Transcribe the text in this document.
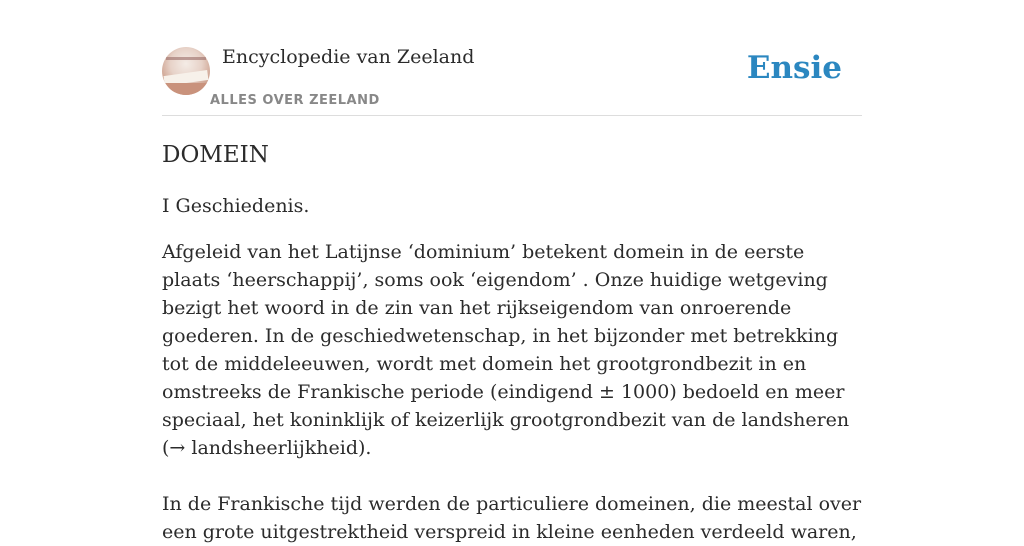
Encyclopedie van Zeeland
ALLES OVER ZEELAND
Ensie
DOMEIN

I Geschiedenis.

Afgeleid van het Latijnse ‘dominium’ betekent domein in de eerste plaats ‘heerschappij’, soms ook ‘eigendom’ . Onze huidige wetgeving bezigt het woord in de zin van het rijkseigendom van onroerende goederen. In de geschiedwetenschap, in het bijzonder met betrekking tot de middeleeuwen, wordt met domein het grootgrondbezit in en omstreeks de Frankische periode (eindigend ± 1000) bedoeld en meer speciaal, het koninklijk of keizerlijk grootgrondbezit van de landsheren (→ landsheerlijkheid).

In de Frankische tijd werden de particuliere domeinen, die meestal over een grote uitgestrektheid verspreid in kleine eenheden verdeeld waren,
